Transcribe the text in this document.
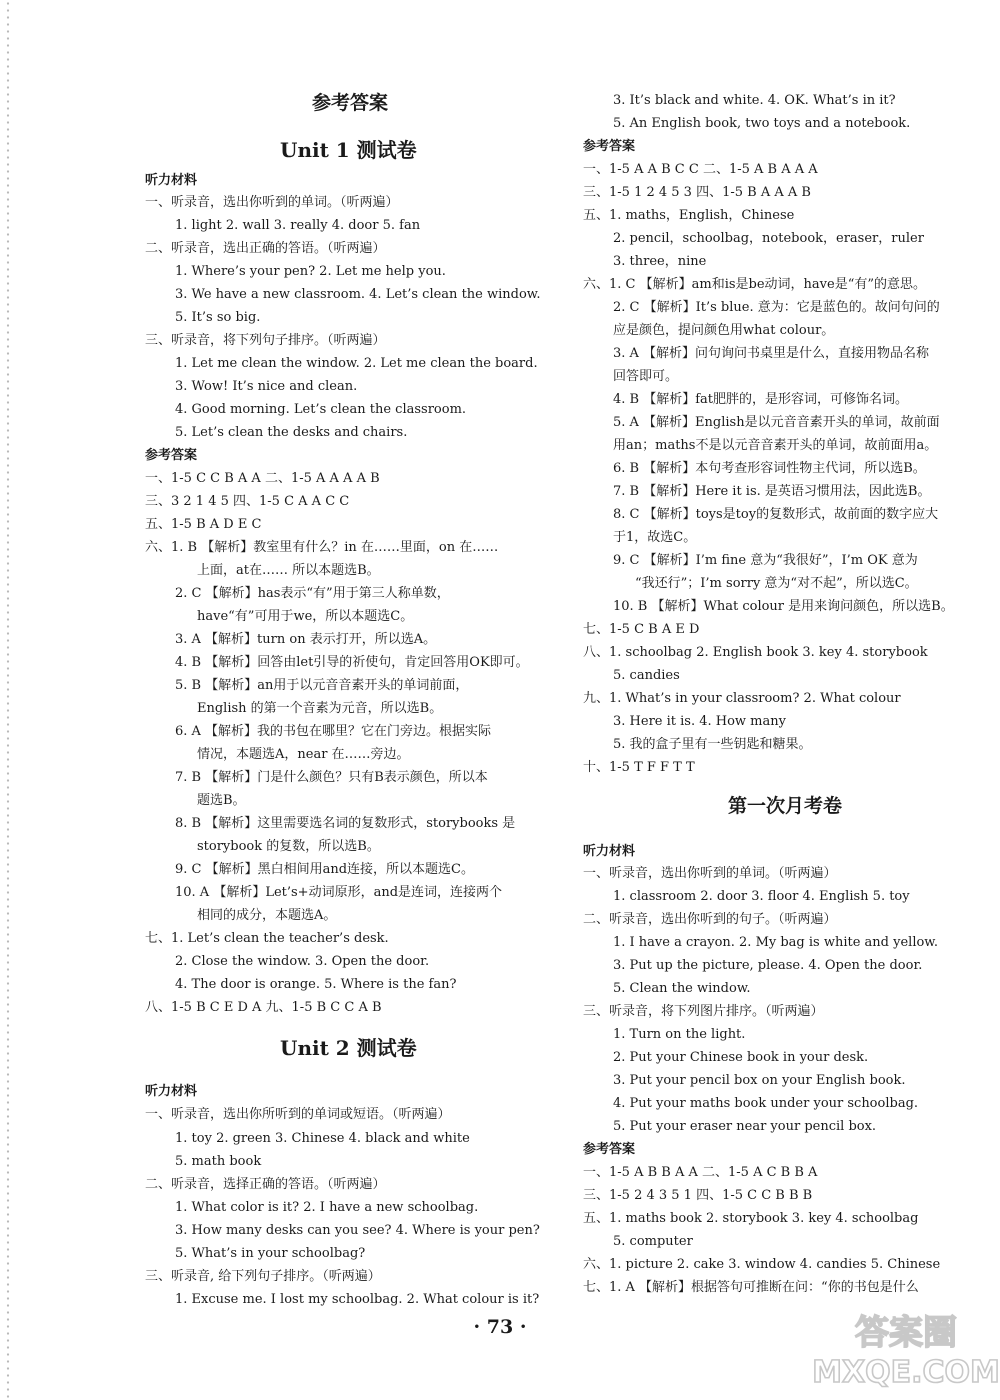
参考答案
Unit 1 测试卷
听力材料
一、听录音，选出你听到的单词。（听两遍）
1. light 2. wall 3. really 4. door 5. fan
二、听录音，选出正确的答语。（听两遍）
1. Where’s your pen? 2. Let me help you.
3. We have a new classroom. 4. Let’s clean the window.
5. It’s so big.
三、听录音，将下列句子排序。（听两遍）
1. Let me clean the window. 2. Let me clean the board.
3. Wow! It’s nice and clean.
4. Good morning. Let’s clean the classroom.
5. Let’s clean the desks and chairs.
参考答案
一、1-5 C C B A A 二、1-5 A A A A B
三、3 2 1 4 5 四、1-5 C A A C C
五、1-5 B A D E C
六、1. B 【解析】教室里有什么？in 在……里面，on 在……
上面，at在…… 所以本题选B。
2. C 【解析】has表示“有”用于第三人称单数，
have“有”可用于we，所以本题选C。
3. A 【解析】turn on 表示打开，所以选A。
4. B 【解析】回答由let引导的祈使句，肯定回答用OK即可。
5. B 【解析】an用于以元音音素开头的单词前面，
English 的第一个音素为元音，所以选B。
6. A 【解析】我的书包在哪里？它在门旁边。根据实际
情况，本题选A，near 在……旁边。
7. B 【解析】门是什么颜色？只有B表示颜色，所以本
题选B。
8. B 【解析】这里需要选名词的复数形式，storybooks 是
storybook 的复数，所以选B。
9. C 【解析】黑白相间用and连接，所以本题选C。
10. A 【解析】Let’s+动词原形，and是连词，连接两个
相同的成分，本题选A。
七、1. Let’s clean the teacher’s desk.
2. Close the window. 3. Open the door.
4. The door is orange. 5. Where is the fan?
八、1-5 B C E D A 九、1-5 B C C A B
Unit 2 测试卷
听力材料
一、听录音，选出你所听到的单词或短语。（听两遍）
1. toy 2. green 3. Chinese 4. black and white
5. math book
二、听录音，选择正确的答语。（听两遍）
1. What color is it? 2. I have a new schoolbag.
3. How many desks can you see? 4. Where is your pen?
5. What’s in your schoolbag?
三、听录音, 给下列句子排序。（听两遍）
1. Excuse me. I lost my schoolbag. 2. What colour is it?
3. It’s black and white. 4. OK. What’s in it?
5. An English book, two toys and a notebook.
参考答案
一、1-5 A A B C C 二、1-5 A B A A A
三、1-5 1 2 4 5 3 四、1-5 B A A A B
五、1. maths，English，Chinese
2. pencil，schoolbag，notebook，eraser，ruler
3. three，nine
六、1. C 【解析】am和is是be动词，have是“有”的意思。
2. C 【解析】It’s blue. 意为：它是蓝色的。故问句问的
应是颜色，提问颜色用what colour。
3. A 【解析】问句询问书桌里是什么，直接用物品名称
回答即可。
4. B 【解析】fat肥胖的，是形容词，可修饰名词。
5. A 【解析】English是以元音音素开头的单词，故前面
用an；maths不是以元音音素开头的单词，故前面用a。
6. B 【解析】本句考查形容词性物主代词，所以选B。
7. B 【解析】Here it is. 是英语习惯用法，因此选B。
8. C 【解析】toys是toy的复数形式，故前面的数字应大
于1，故选C。
9. C 【解析】I’m fine 意为“我很好”，I’m OK 意为
“我还行”；I’m sorry 意为“对不起”，所以选C。
10. B 【解析】What colour 是用来询问颜色，所以选B。
七、1-5 C B A E D
八、1. schoolbag 2. English book 3. key 4. storybook
5. candies
九、1. What’s in your classroom? 2. What colour
3. Here it is. 4. How many
5. 我的盒子里有一些钥匙和糖果。
十、1-5 T F F T T
第一次月考卷
听力材料
一、听录音，选出你听到的单词。（听两遍）
1. classroom 2. door 3. floor 4. English 5. toy
二、听录音，选出你听到的句子。（听两遍）
1. I have a crayon. 2. My bag is white and yellow.
3. Put up the picture, please. 4. Open the door.
5. Clean the window.
三、听录音，将下列图片排序。（听两遍）
1. Turn on the light.
2. Put your Chinese book in your desk.
3. Put your pencil box on your English book.
4. Put your maths book under your schoolbag.
5. Put your eraser near your pencil box.
参考答案
一、1-5 A B B A A 二、1-5 A C B B A
三、1-5 2 4 3 5 1 四、1-5 C C B B B
五、1. maths book 2. storybook 3. key 4. schoolbag
5. computer
六、1. picture 2. cake 3. window 4. candies 5. Chinese
七、1. A 【解析】根据答句可推断在问：“你的书包是什么
· 73 ·	答案圈
MXQE.COM
